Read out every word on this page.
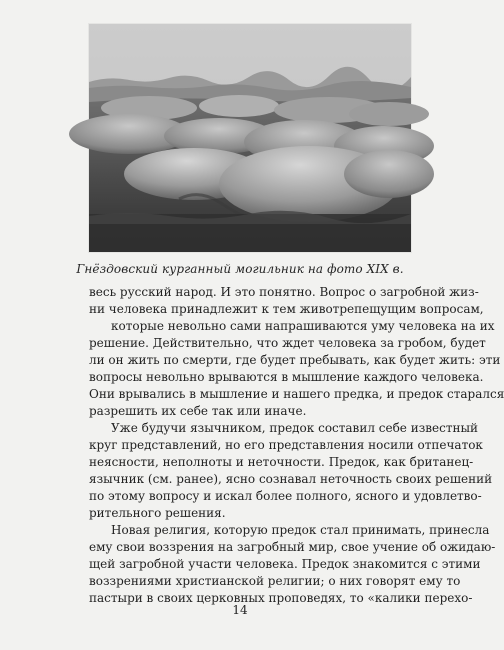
Гнёздовский курганный могильник на фото XIX в.
весь русский народ. И это понятно. Вопрос о загробной жиз-
ни человека принадлежит к тем животрепещущим вопросам,
которые невольно сами напрашиваются уму человека на их
решение. Действительно, что ждет человека за гробом, будет
ли он жить по смерти, где будет пребывать, как будет жить: эти
вопросы невольно врываются в мышление каждого человека.
Они врывались в мышление и нашего предка, и предок старался
разрешить их себе так или иначе.
Уже будучи язычником, предок составил себе известный
круг представлений, но его представления носили отпечаток
неясности, неполноты и неточности. Предок, как британец-
язычник (см. ранее), ясно сознавал неточность своих решений
по этому вопросу и искал более полного, ясного и удовлетво-
рительного решения.
Новая религия, которую предок стал принимать, принесла
ему свои воззрения на загробный мир, свое учение об ожидаю-
щей загробной участи человека. Предок знакомится с этими
воззрениями христианской религии; о них говорят ему то
пастыри в своих церковных проповедях, то «калики перехо-
14
